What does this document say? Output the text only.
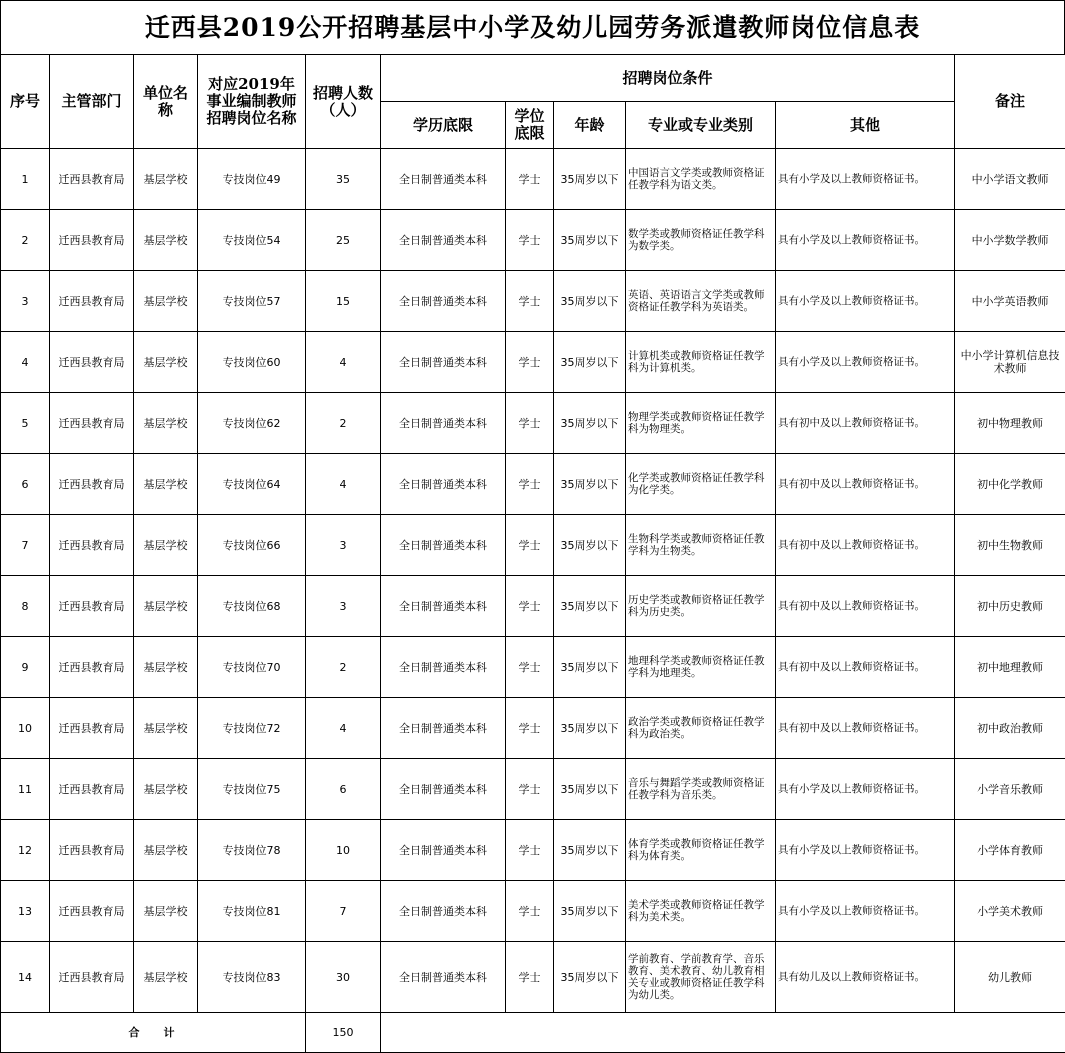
迁西县2019公开招聘基层中小学及幼儿园劳务派遣教师岗位信息表
序号	主管部门	单位名称	对应2019年事业编制教师招聘岗位名称	招聘人数（人）	招聘岗位条件					备注
					学历底限	学位底限	年龄	专业或专业类别	其他	
1	迁西县教育局	基层学校	专技岗位49	35	全日制普通类本科	学士	35周岁以下	中国语言文学类或教师资格证任教学科为语文类。	具有小学及以上教师资格证书。	中小学语文教师
2	迁西县教育局	基层学校	专技岗位54	25	全日制普通类本科	学士	35周岁以下	数学类或教师资格证任教学科为数学类。	具有小学及以上教师资格证书。	中小学数学教师
3	迁西县教育局	基层学校	专技岗位57	15	全日制普通类本科	学士	35周岁以下	英语、英语语言文学类或教师资格证任教学科为英语类。	具有小学及以上教师资格证书。	中小学英语教师
4	迁西县教育局	基层学校	专技岗位60	4	全日制普通类本科	学士	35周岁以下	计算机类或教师资格证任教学科为计算机类。	具有小学及以上教师资格证书。	中小学计算机信息技术教师
5	迁西县教育局	基层学校	专技岗位62	2	全日制普通类本科	学士	35周岁以下	物理学类或教师资格证任教学科为物理类。	具有初中及以上教师资格证书。	初中物理教师
6	迁西县教育局	基层学校	专技岗位64	4	全日制普通类本科	学士	35周岁以下	化学类或教师资格证任教学科为化学类。	具有初中及以上教师资格证书。	初中化学教师
7	迁西县教育局	基层学校	专技岗位66	3	全日制普通类本科	学士	35周岁以下	生物科学类或教师资格证任教学科为生物类。	具有初中及以上教师资格证书。	初中生物教师
8	迁西县教育局	基层学校	专技岗位68	3	全日制普通类本科	学士	35周岁以下	历史学类或教师资格证任教学科为历史类。	具有初中及以上教师资格证书。	初中历史教师
9	迁西县教育局	基层学校	专技岗位70	2	全日制普通类本科	学士	35周岁以下	地理科学类或教师资格证任教学科为地理类。	具有初中及以上教师资格证书。	初中地理教师
10	迁西县教育局	基层学校	专技岗位72	4	全日制普通类本科	学士	35周岁以下	政治学类或教师资格证任教学科为政治类。	具有初中及以上教师资格证书。	初中政治教师
11	迁西县教育局	基层学校	专技岗位75	6	全日制普通类本科	学士	35周岁以下	音乐与舞蹈学类或教师资格证任教学科为音乐类。	具有小学及以上教师资格证书。	小学音乐教师
12	迁西县教育局	基层学校	专技岗位78	10	全日制普通类本科	学士	35周岁以下	体育学类或教师资格证任教学科为体育类。	具有小学及以上教师资格证书。	小学体育教师
13	迁西县教育局	基层学校	专技岗位81	7	全日制普通类本科	学士	35周岁以下	美术学类或教师资格证任教学科为美术类。	具有小学及以上教师资格证书。	小学美术教师
14	迁西县教育局	基层学校	专技岗位83	30	全日制普通类本科	学士	35周岁以下	学前教育、学前教育学、音乐教育、美术教育、幼儿教育相关专业或教师资格证任教学科为幼儿类。	具有幼儿及以上教师资格证书。	幼儿教师
合计				150						
